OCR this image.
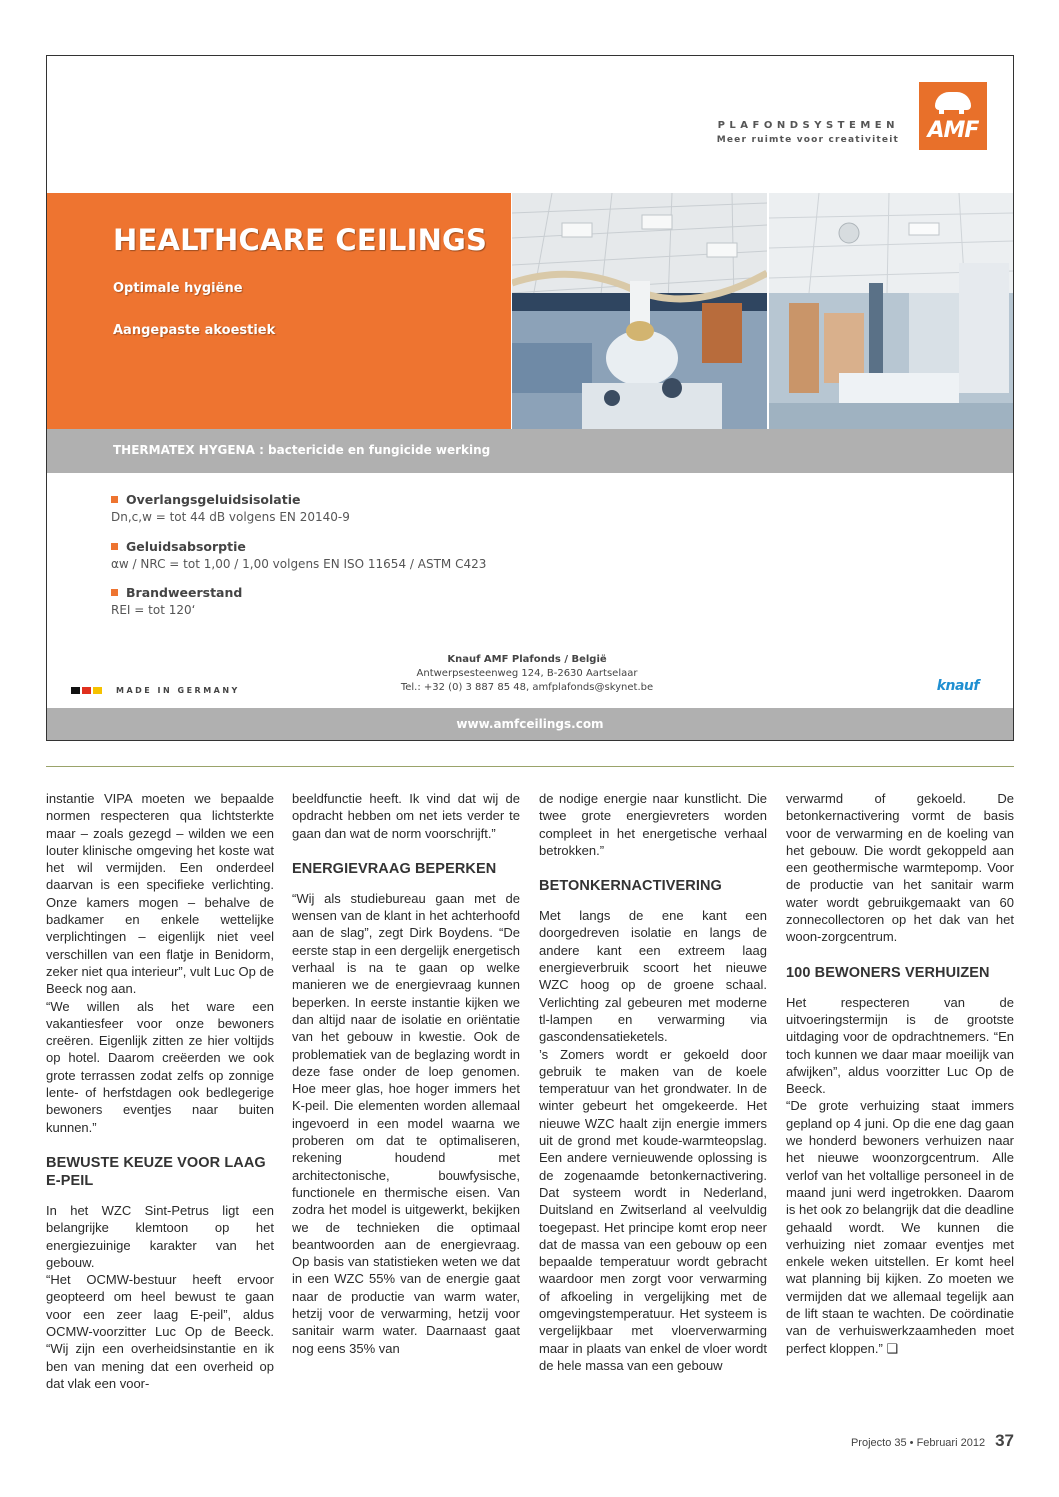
PLAFONDSYSTEMEN
Meer ruimte voor creativiteit	AMF
HEALTHCARE CEILINGS
Optimale hygiëne
Aangepaste akoestiek
THERMATEX HYGENA : bactericide en fungicide werking
Overlangsgeluidsisolatie
Dn,c,w = tot 44 dB volgens EN 20140-9
Geluidsabsorptie
αw / NRC = tot 1,00 / 1,00 volgens EN ISO 11654 / ASTM C423
Brandweerstand
REI = tot 120‘
MADE IN GERMANY
Knauf AMF Plafonds / België
Antwerpsesteenweg 124, B-2630 Aartselaar
Tel.: +32 (0) 3 887 85 48, amfplafonds@skynet.be	knauf
www.amfceilings.com

instantie VIPA moeten we bepaalde normen respecteren qua lichtsterkte maar – zoals gezegd – wilden we een louter klinische omgeving het koste wat het wil vermijden. Een onderdeel daarvan is een specifieke verlichting. Onze kamers mogen – behalve de badkamer en enkele wettelijke verplichtingen – eigenlijk niet veel verschillen van een flatje in Benidorm, zeker niet qua interieur”, vult Luc Op de Beeck nog aan.

“We willen als het ware een vakantiesfeer voor onze bewoners creëren. Eigenlijk zitten ze hier voltijds op hotel. Daarom creëerden we ook grote terrassen zodat zelfs op zonnige lente- of herfstdagen ook bedlegerige bewoners eventjes naar buiten kunnen.”

BEWUSTE KEUZE VOOR LAAG E-PEIL

In het WZC Sint-Petrus ligt een belangrijke klemtoon op het energiezuinige karakter van het gebouw.

“Het OCMW-bestuur heeft ervoor geopteerd om heel bewust te gaan voor een zeer laag E-peil”, aldus OCMW-voorzitter Luc Op de Beeck. “Wij zijn een overheidsinstantie en ik ben van mening dat een overheid op dat vlak een voor-

beeldfunctie heeft. Ik vind dat wij de opdracht hebben om net iets verder te gaan dan wat de norm voorschrijft.”

ENERGIEVRAAG BEPERKEN

“Wij als studiebureau gaan met de wensen van de klant in het achterhoofd aan de slag”, zegt Dirk Boydens. “De eerste stap in een dergelijk energetisch verhaal is na te gaan op welke manieren we de energievraag kunnen beperken. In eerste instantie kijken we dan altijd naar de isolatie en oriëntatie van het gebouw in kwestie. Ook de problematiek van de beglazing wordt in deze fase onder de loep genomen. Hoe meer glas, hoe hoger immers het K-peil. Die elementen worden allemaal ingevoerd in een model waarna we proberen om dat te optimaliseren, rekening houdend met architectonische, bouwfysische, functionele en thermische eisen. Van zodra het model is uitgewerkt, bekijken we de technieken die optimaal beantwoorden aan de energievraag. Op basis van statistieken weten we dat in een WZC 55% van de energie gaat naar de productie van warm water, hetzij voor de verwarming, hetzij voor sanitair warm water. Daarnaast gaat nog eens 35% van

de nodige energie naar kunstlicht. Die twee grote energievreters worden compleet in het energetische verhaal betrokken.”

BETONKERNACTIVERING

Met langs de ene kant een doorgedreven isolatie en langs de andere kant een extreem laag energieverbruik scoort het nieuwe WZC hoog op de groene schaal. Verlichting zal gebeuren met moderne tl-lampen en verwarming via gascondensatieketels.

’s Zomers wordt er gekoeld door gebruik te maken van de koele temperatuur van het grondwater. In de winter gebeurt het omgekeerde. Het nieuwe WZC haalt zijn energie immers uit de grond met koude-warmteopslag. Een andere vernieuwende oplossing is de zogenaamde betonkernactivering. Dat systeem wordt in Nederland, Duitsland en Zwitserland al veelvuldig toegepast. Het principe komt erop neer dat de massa van een gebouw op een bepaalde temperatuur wordt gebracht waardoor men zorgt voor verwarming of afkoeling in vergelijking met de omgevingstemperatuur. Het systeem is vergelijkbaar met vloerverwarming maar in plaats van enkel de vloer wordt de hele massa van een gebouw

verwarmd of gekoeld. De betonkernactivering vormt de basis voor de verwarming en de koeling van het gebouw. Die wordt gekoppeld aan een geothermische warmtepomp. Voor de productie van het sanitair warm water wordt gebruikgemaakt van 60 zonnecollectoren op het dak van het woon-zorgcentrum.

100 BEWONERS VERHUIZEN

Het respecteren van de uitvoeringstermijn is de grootste uitdaging voor de opdrachtnemers. “En toch kunnen we daar maar moeilijk van afwijken”, aldus voorzitter Luc Op de Beeck.

“De grote verhuizing staat immers gepland op 4 juni. Op die ene dag gaan we honderd bewoners verhuizen naar het nieuwe woonzorgcentrum. Alle verlof van het voltallige personeel in de maand juni werd ingetrokken. Daarom is het ook zo belangrijk dat die deadline gehaald wordt. We kunnen die verhuizing niet zomaar eventjes met enkele weken uitstellen. Er komt heel wat planning bij kijken. Zo moeten we vermijden dat we allemaal tegelijk aan de lift staan te wachten. De coördinatie van de verhuiswerkzaamheden moet perfect kloppen.” ❑

Projecto 35 • Februari 2012 37
